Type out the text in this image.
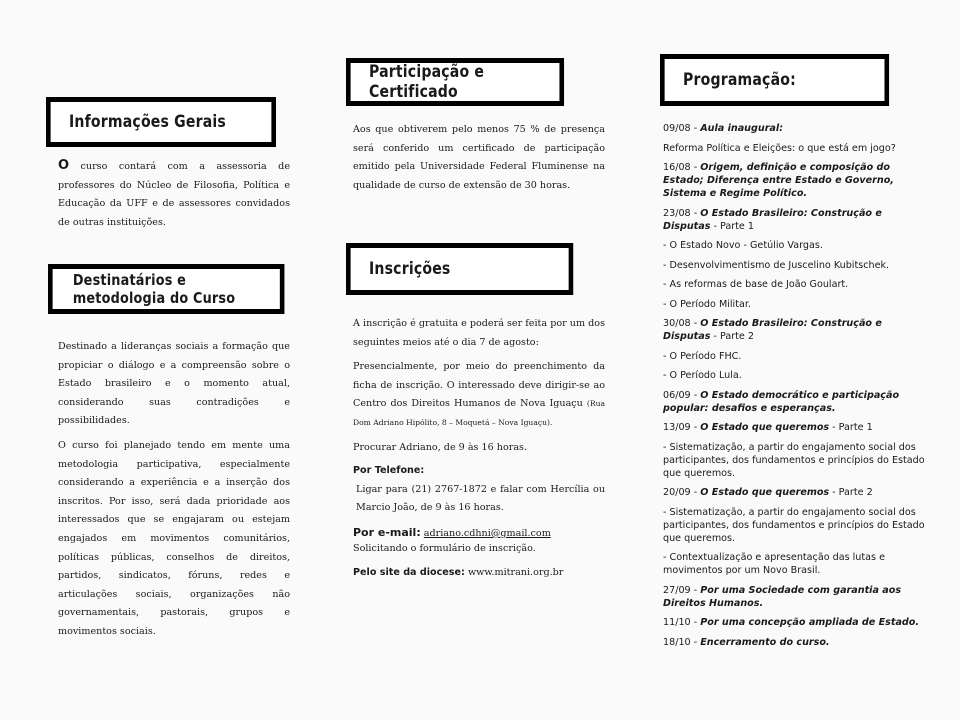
Informações Gerais

O curso contará com a assessoria de professores do Núcleo de Filosofia, Política e Educação da UFF e de assessores convidados de outras instituições.

Destinatários e metodologia do Curso

Destinado a lideranças sociais a formação que propiciar o diálogo e a compreensão sobre o Estado brasileiro e o momento atual, considerando suas contradições e possibilidades.

O curso foi planejado tendo em mente uma metodologia participativa, especialmente considerando a experiência e a inserção dos inscritos. Por isso, será dada prioridade aos interessados que se engajaram ou estejam engajados em movimentos comunitários, políticas públicas, conselhos de direitos, partidos, sindicatos, fóruns, redes e articulações sociais, organizações não governamentais, pastorais, grupos e movimentos sociais.

Participação e Certificado

Aos que obtiverem pelo menos 75 % de presença será conferido um certificado de participação emitido pela Universidade Federal Fluminense na qualidade de curso de extensão de 30 horas.

Inscrições

A inscrição é gratuita e poderá ser feita por um dos seguintes meios até o dia 7 de agosto:

Presencialmente, por meio do preenchimento da ficha de inscrição. O interessado deve dirigir-se ao Centro dos Direitos Humanos de Nova Iguaçu (Rua Dom Adriano Hipólito, 8 – Moquetá – Nova Iguaçu).

Procurar Adriano, de 9 às 16 horas.

Por Telefone:

Ligar para (21) 2767-1872 e falar com Hercília ou Marcio João, de 9 às 16 horas.

Por e-mail: adriano.cdhni@gmail.com

Solicitando o formulário de inscrição.

Pelo site da diocese: www.mitrani.org.br

Programação:
09/08 - Aula inaugural:
Reforma Política e Eleições: o que está em jogo?
16/08 - Origem, definição e composição do Estado; Diferença entre Estado e Governo, Sistema e Regime Político.
23/08 - O Estado Brasileiro: Construção e Disputas - Parte 1
- O Estado Novo - Getúlio Vargas.
- Desenvolvimentismo de Juscelino Kubitschek.
- As reformas de base de João Goulart.
- O Período Militar.
30/08 - O Estado Brasileiro: Construção e Disputas - Parte 2
- O Período FHC.
- O Período Lula.
06/09 - O Estado democrático e participação popular: desafios e esperanças.
13/09 - O Estado que queremos - Parte 1
- Sistematização, a partir do engajamento social dos participantes, dos fundamentos e princípios do Estado que queremos.
20/09 - O Estado que queremos - Parte 2
- Sistematização, a partir do engajamento social dos participantes, dos fundamentos e princípios do Estado que queremos.
- Contextualização e apresentação das lutas e movimentos por um Novo Brasil.
27/09 - Por uma Sociedade com garantia aos Direitos Humanos.
11/10 - Por uma concepção ampliada de Estado.
18/10 - Encerramento do curso.
